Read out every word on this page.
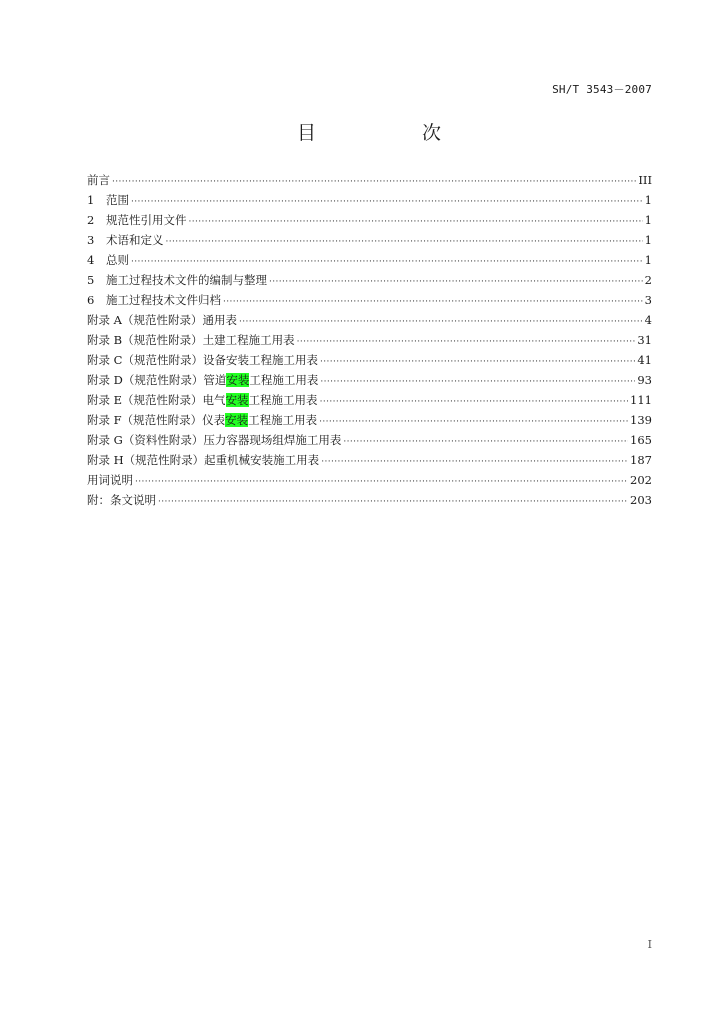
SH/T 3543－2007
目	次
前言 ·····	III
1 范围 ·····	1
2 规范性引用文件 ·····	1
3 术语和定义 ·····	1
4 总则 ·····	1
5 施工过程技术文件的编制与整理 ·····	2
6 施工过程技术文件归档 ·····	3
附录 A（规范性附录）通用表 ·····	4
附录 B（规范性附录）土建工程施工用表 ·····	31
附录 C（规范性附录）设备安装工程施工用表 ·····	41
附录 D（规范性附录）管道安装工程施工用表 ·····	93
附录 E（规范性附录）电气安装工程施工用表 ·····	111
附录 F（规范性附录）仪表安装工程施工用表 ·····	139
附录 G（资料性附录）压力容器现场组焊施工用表 ·····	165
附录 H（规范性附录）起重机械安装施工用表 ·····	187
用词说明 ·····	202
附：条文说明 ·····	203
I
